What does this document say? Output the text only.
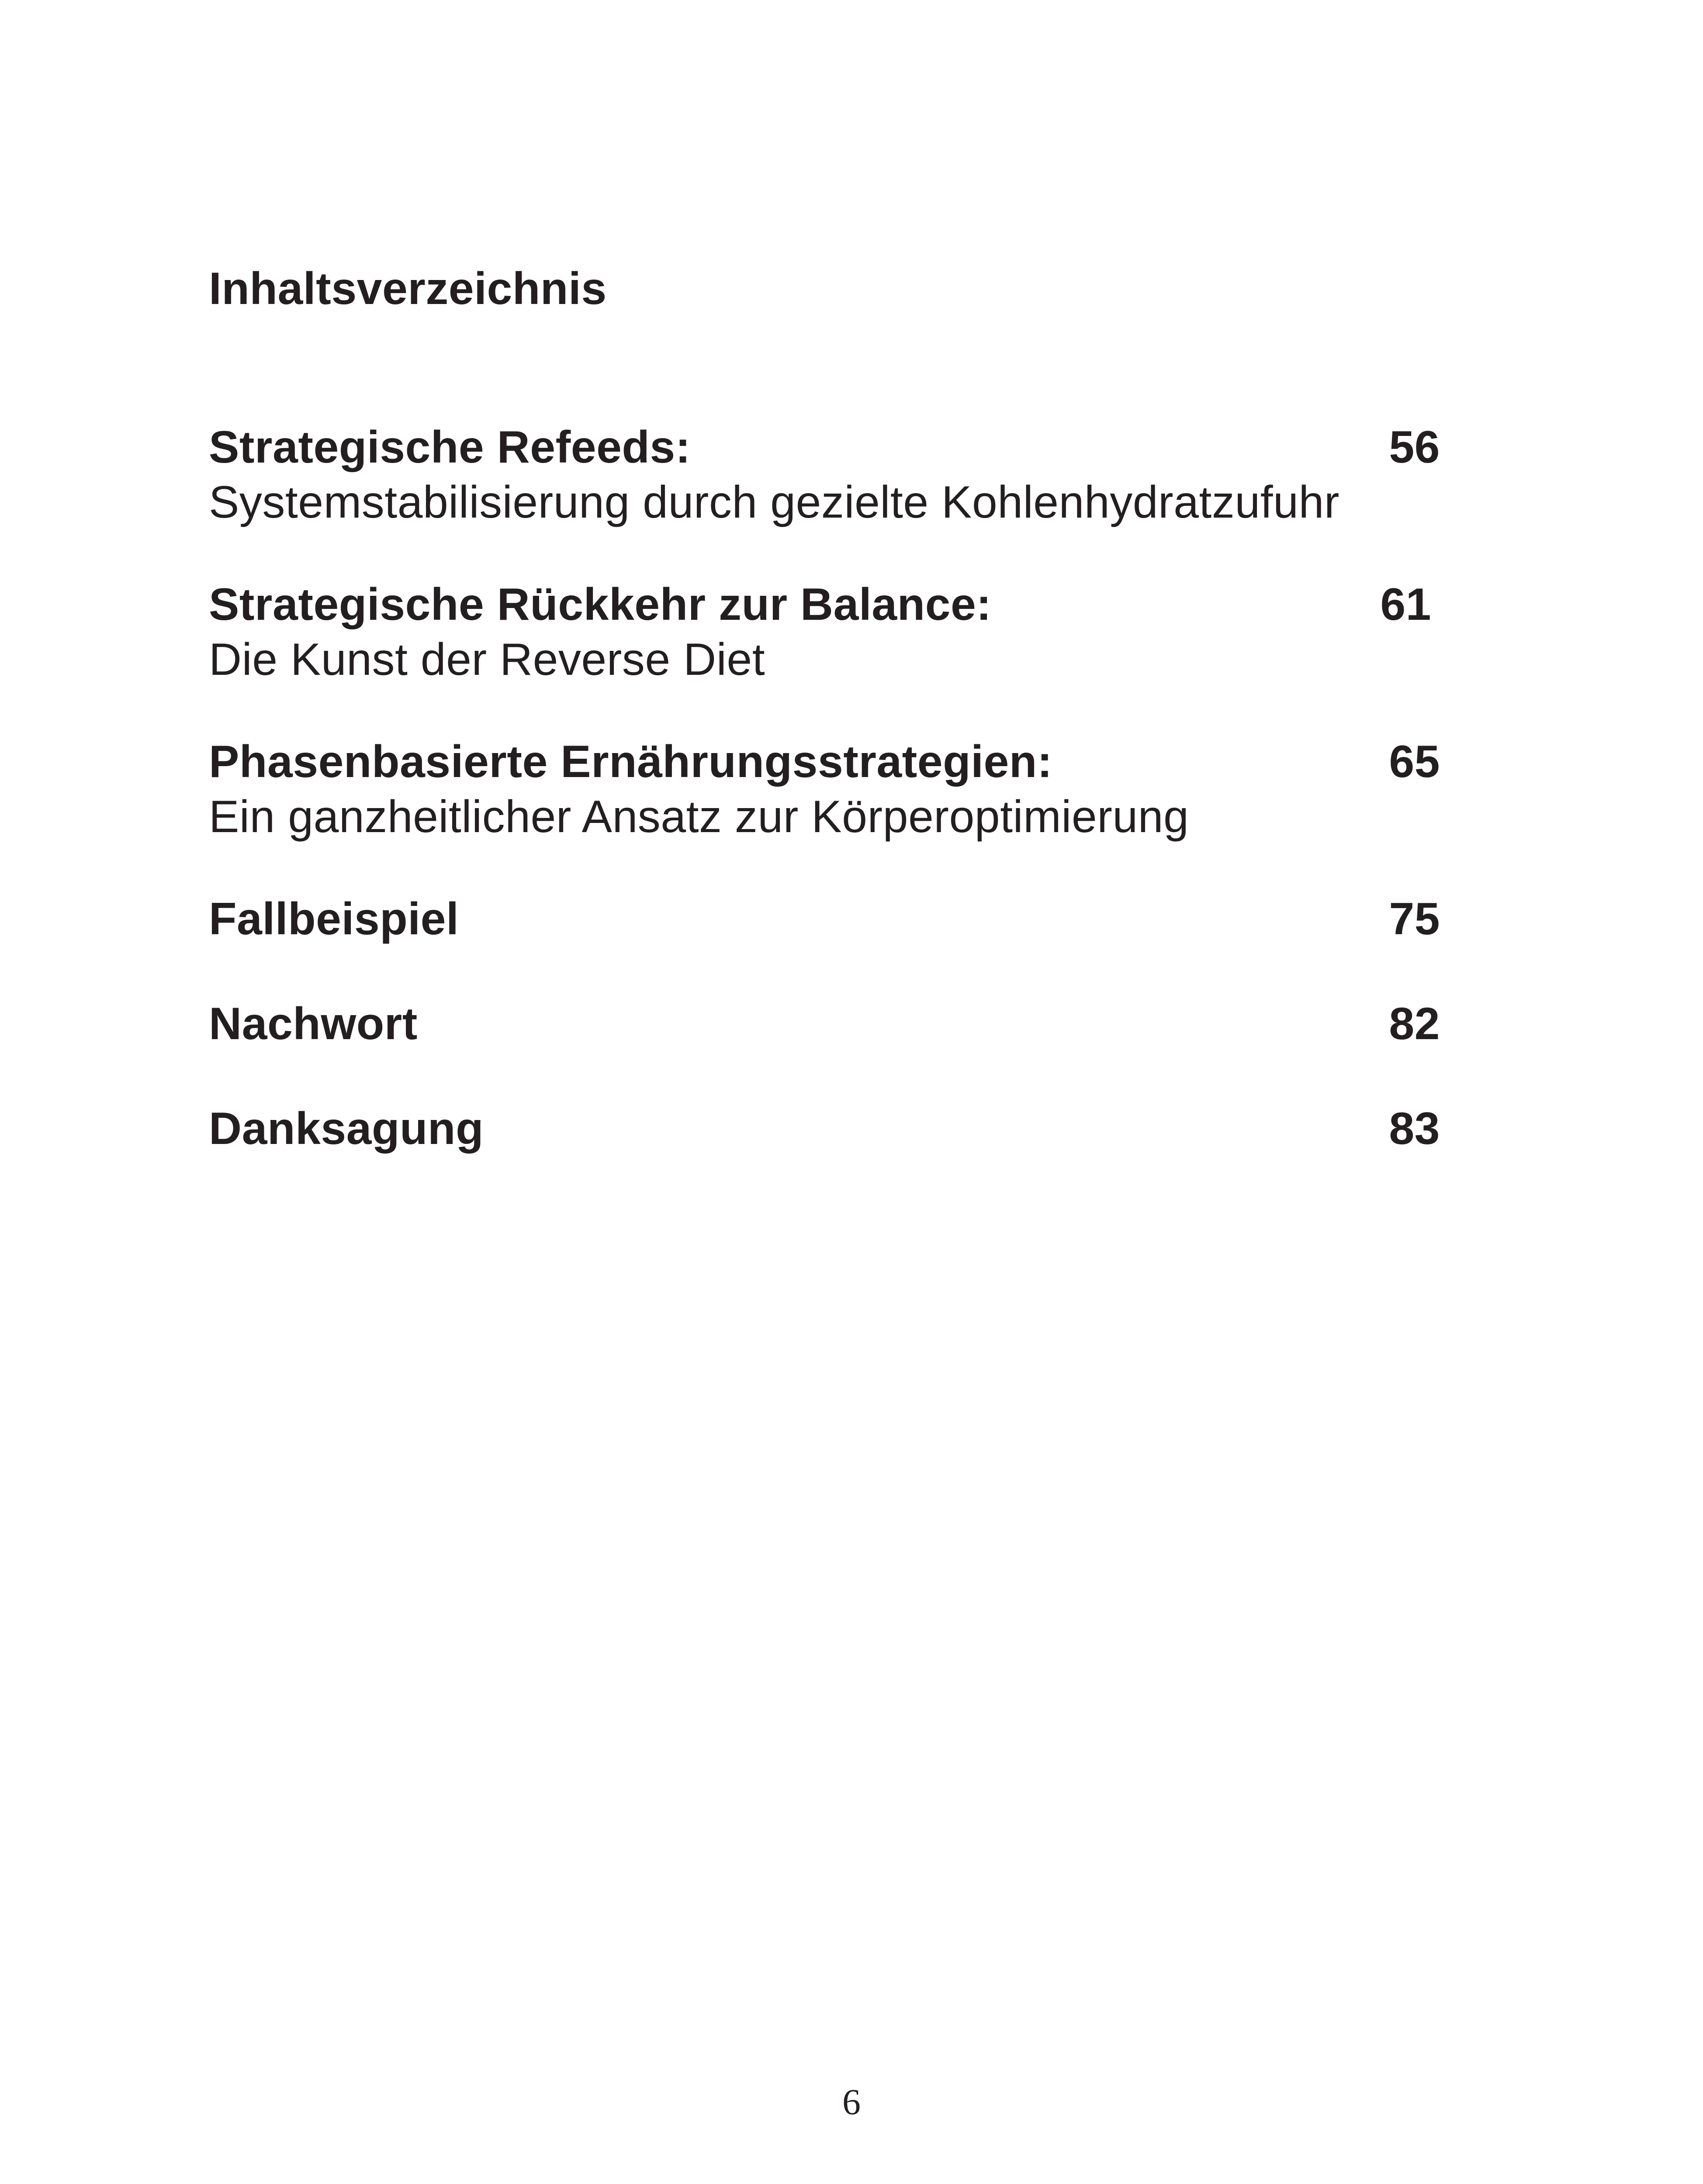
Inhaltsverzeichnis
Strategische Refeeds:	56
Systemstabilisierung durch gezielte Kohlenhydratzufuhr
Strategische Rückkehr zur Balance:	61
Die Kunst der Reverse Diet
Phasenbasierte Ernährungsstrategien:	65
Ein ganzheitlicher Ansatz zur Körperoptimierung
Fallbeispiel	75
Nachwort	82
Danksagung	83
6
